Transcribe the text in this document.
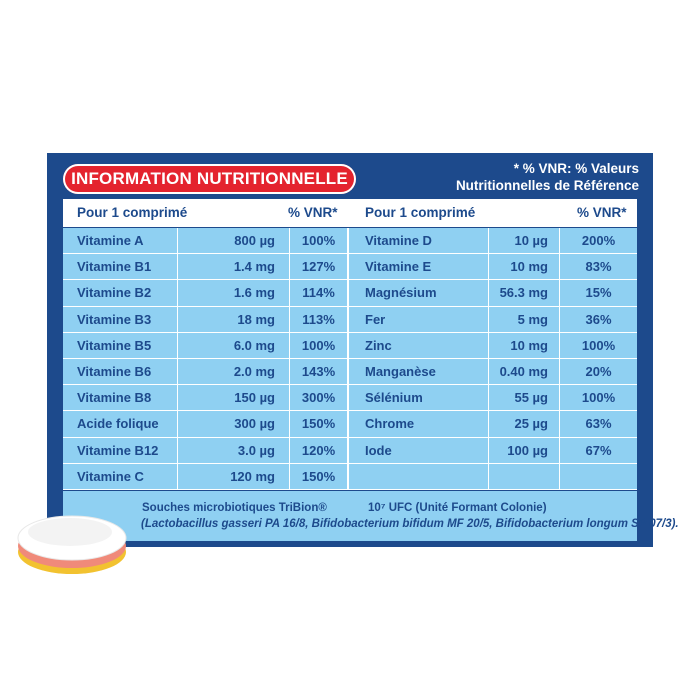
INFORMATION NUTRITIONNELLE
* % VNR: % Valeurs
Nutritionnelles de Référence
Pour 1 comprimé	% VNR* Pour 1 comprimé	% VNR*
Vitamine A	800 µg	100%	Vitamine D	10 µg	200%
Vitamine B1	1.4 mg	127%	Vitamine E	10 mg	83%
Vitamine B2	1.6 mg	114%	Magnésium	56.3 mg	15%
Vitamine B3	18 mg	113%	Fer	5 mg	36%
Vitamine B5	6.0 mg	100%	Zinc	10 mg	100%
Vitamine B6	2.0 mg	143%	Manganèse	0.40 mg	20%
Vitamine B8	150 µg	300%	Sélénium	55 µg	100%
Acide folique	300 µg	150%	Chrome	25 µg	63%
Vitamine B12	3.0 µg	120%	Iode	100 µg	67%
Vitamine C	120 mg	150%
Souches microbiotiques TriBion®	10⁷ UFC (Unité Formant Colonie)
(Lactobacillus gasseri PA 16/8, Bifidobacterium bifidum MF 20/5, Bifidobacterium longum SP 07/3).
